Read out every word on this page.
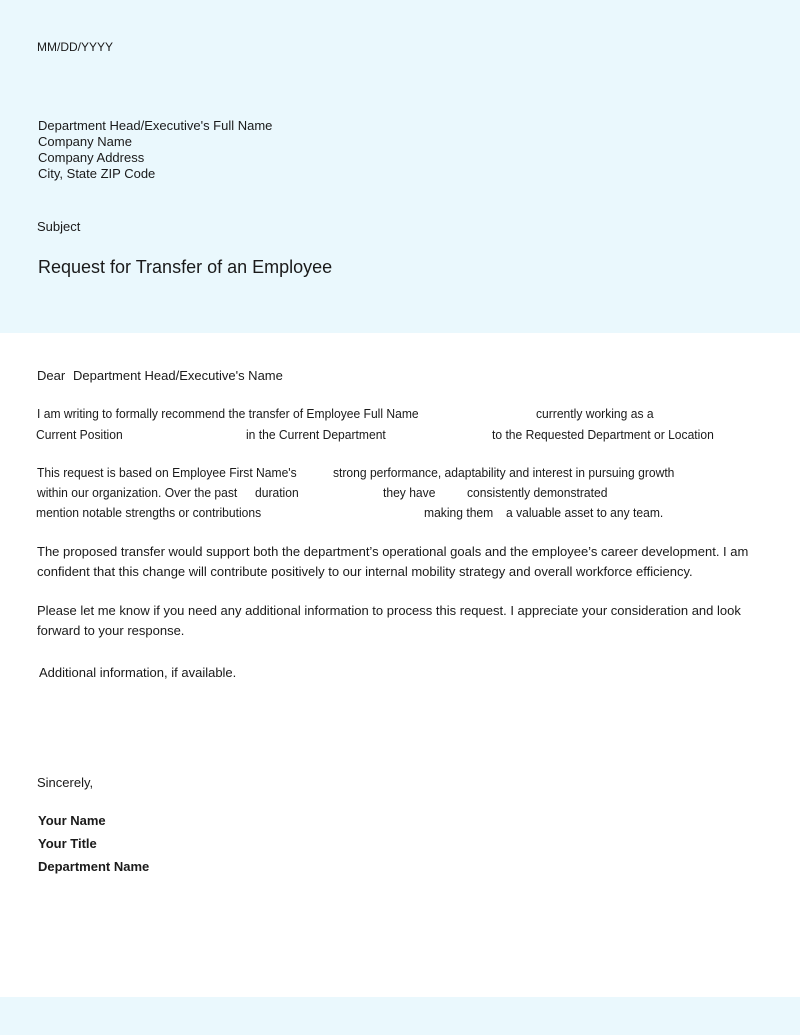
MM/DD/YYYY
Department Head/Executive's Full Name
Company Name
Company Address
City, State ZIP Code
Subject
Request for Transfer of an Employee
Dear Department Head/Executive's Name
I am writing to formally recommend the transfer of Employee Full Name	currently working as a
Current Position	in the Current Department	to the Requested Department or Location
This request is based on Employee First Name's	strong performance, adaptability and interest in pursuing growth
within our organization. Over the past duration	they have consistently demonstrated
mention notable strengths or contributions	making them a valuable asset to any team.
The proposed transfer would support both the department’s operational goals and the employee’s career development. I am confident that this change will contribute positively to our internal mobility strategy and overall workforce efficiency.
Please let me know if you need any additional information to process this request. I appreciate your consideration and look forward to your response.
Additional information, if available.
Sincerely,
Your Name
Your Title
Department Name
